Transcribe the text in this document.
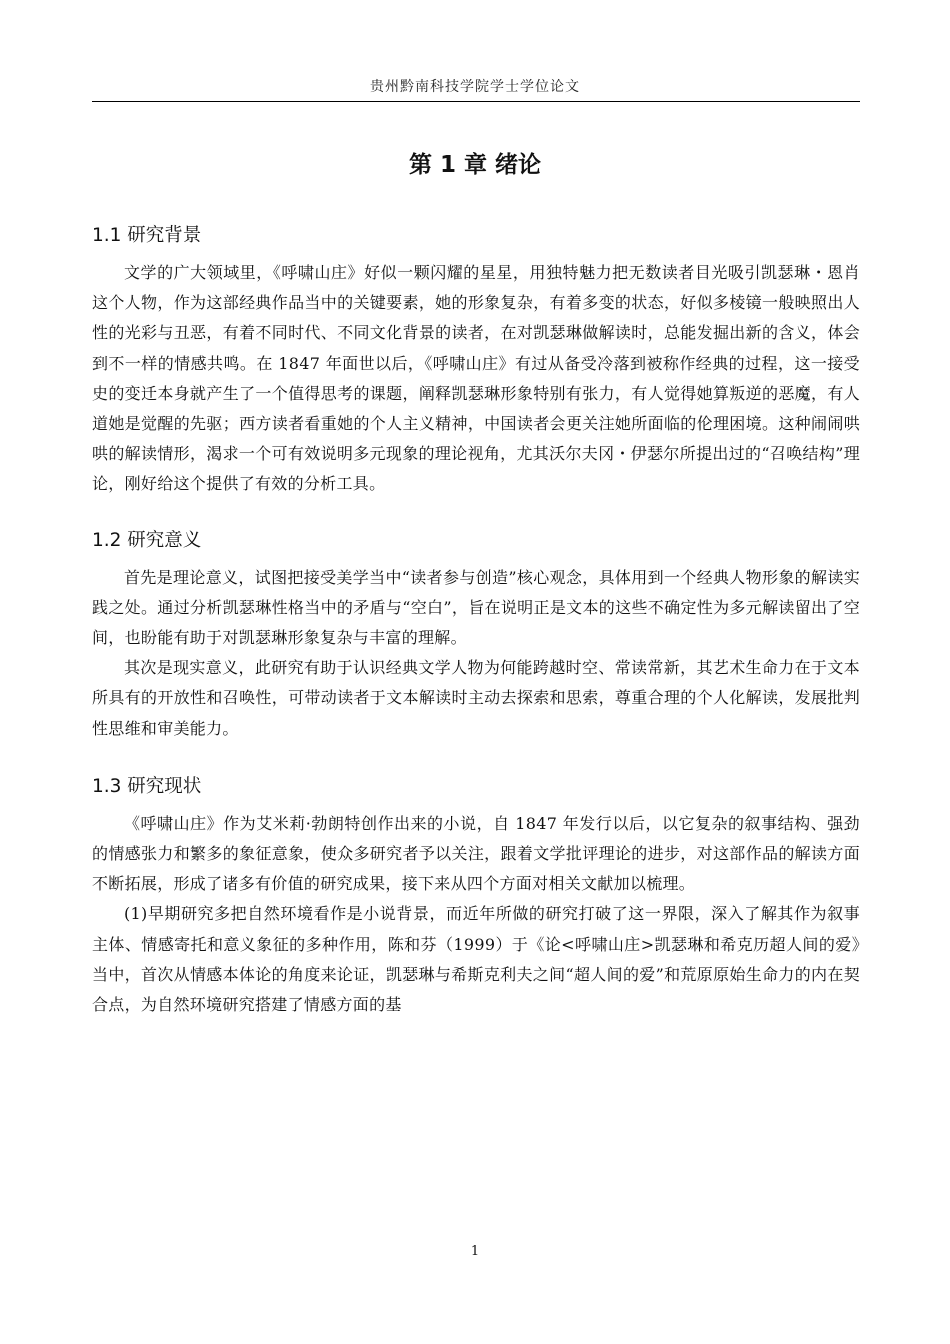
贵州黔南科技学院学士学位论文
第 1 章 绪论
1.1 研究背景

文学的广大领域里，《呼啸山庄》好似一颗闪耀的星星，用独特魅力把无数读者目光吸引凯瑟琳・恩肖这个人物，作为这部经典作品当中的关键要素，她的形象复杂，有着多变的状态，好似多棱镜一般映照出人性的光彩与丑恶，有着不同时代、不同文化背景的读者，在对凯瑟琳做解读时，总能发掘出新的含义，体会到不一样的情感共鸣。在 1847 年面世以后，《呼啸山庄》有过从备受冷落到被称作经典的过程，这一接受史的变迁本身就产生了一个值得思考的课题，阐释凯瑟琳形象特别有张力，有人觉得她算叛逆的恶魔，有人道她是觉醒的先驱；西方读者看重她的个人主义精神，中国读者会更关注她所面临的伦理困境。这种闹闹哄哄的解读情形，渴求一个可有效说明多元现象的理论视角，尤其沃尔夫冈・伊瑟尔所提出过的“召唤结构”理论，刚好给这个提供了有效的分析工具。

1.2 研究意义

首先是理论意义，试图把接受美学当中“读者参与创造”核心观念，具体用到一个经典人物形象的解读实践之处。通过分析凯瑟琳性格当中的矛盾与“空白”，旨在说明正是文本的这些不确定性为多元解读留出了空间，也盼能有助于对凯瑟琳形象复杂与丰富的理解。

其次是现实意义，此研究有助于认识经典文学人物为何能跨越时空、常读常新，其艺术生命力在于文本所具有的开放性和召唤性，可带动读者于文本解读时主动去探索和思索，尊重合理的个人化解读，发展批判性思维和审美能力。

1.3 研究现状

《呼啸山庄》作为艾米莉·勃朗特创作出来的小说，自 1847 年发行以后，以它复杂的叙事结构、强劲的情感张力和繁多的象征意象，使众多研究者予以关注，跟着文学批评理论的进步，对这部作品的解读方面不断拓展，形成了诸多有价值的研究成果，接下来从四个方面对相关文献加以梳理。

(1)早期研究多把自然环境看作是小说背景，而近年所做的研究打破了这一界限，深入了解其作为叙事主体、情感寄托和意义象征的多种作用，陈和芬（1999）于《论<呼啸山庄>凯瑟琳和希克历超人间的爱》当中，首次从情感本体论的角度来论证，凯瑟琳与希斯克利夫之间“超人间的爱”和荒原原始生命力的内在契合点，为自然环境研究搭建了情感方面的基

1
